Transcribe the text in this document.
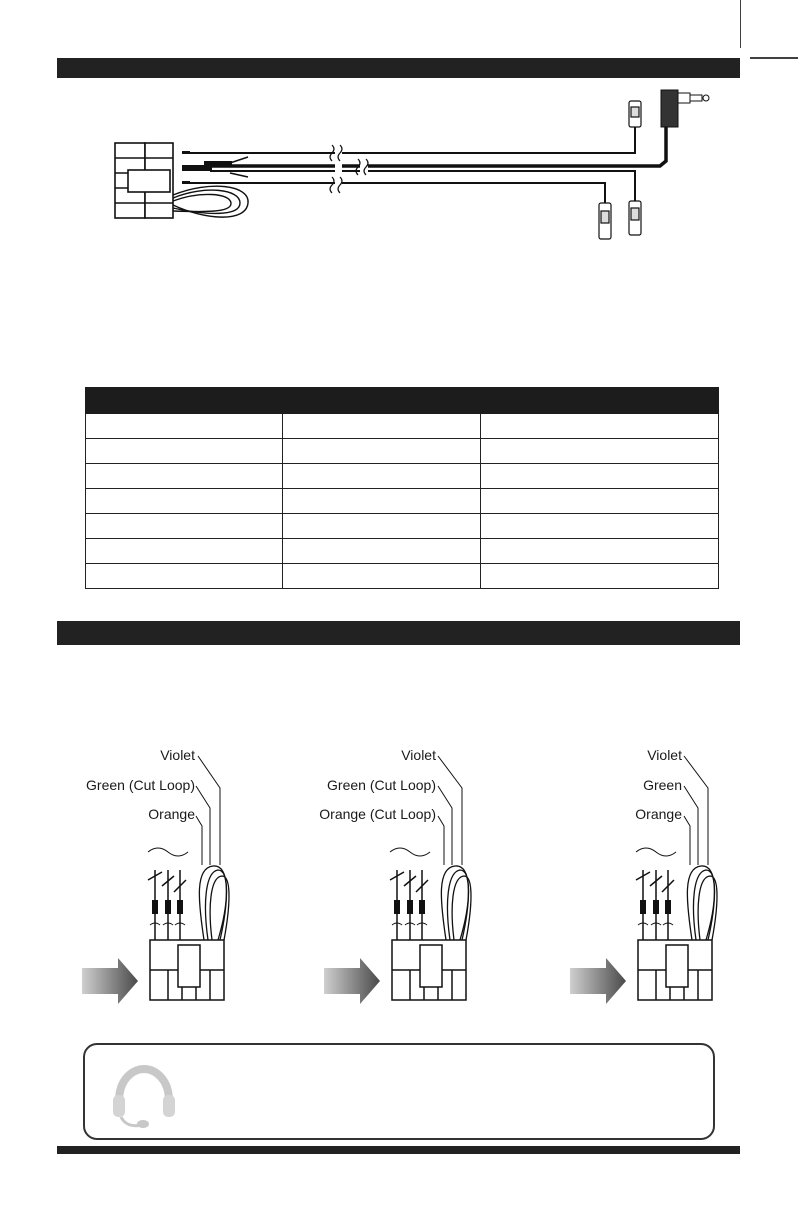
Violet
Green (Cut Loop)
Orange
Violet
Green (Cut Loop)
Orange (Cut Loop)
Violet
Green
Orange
